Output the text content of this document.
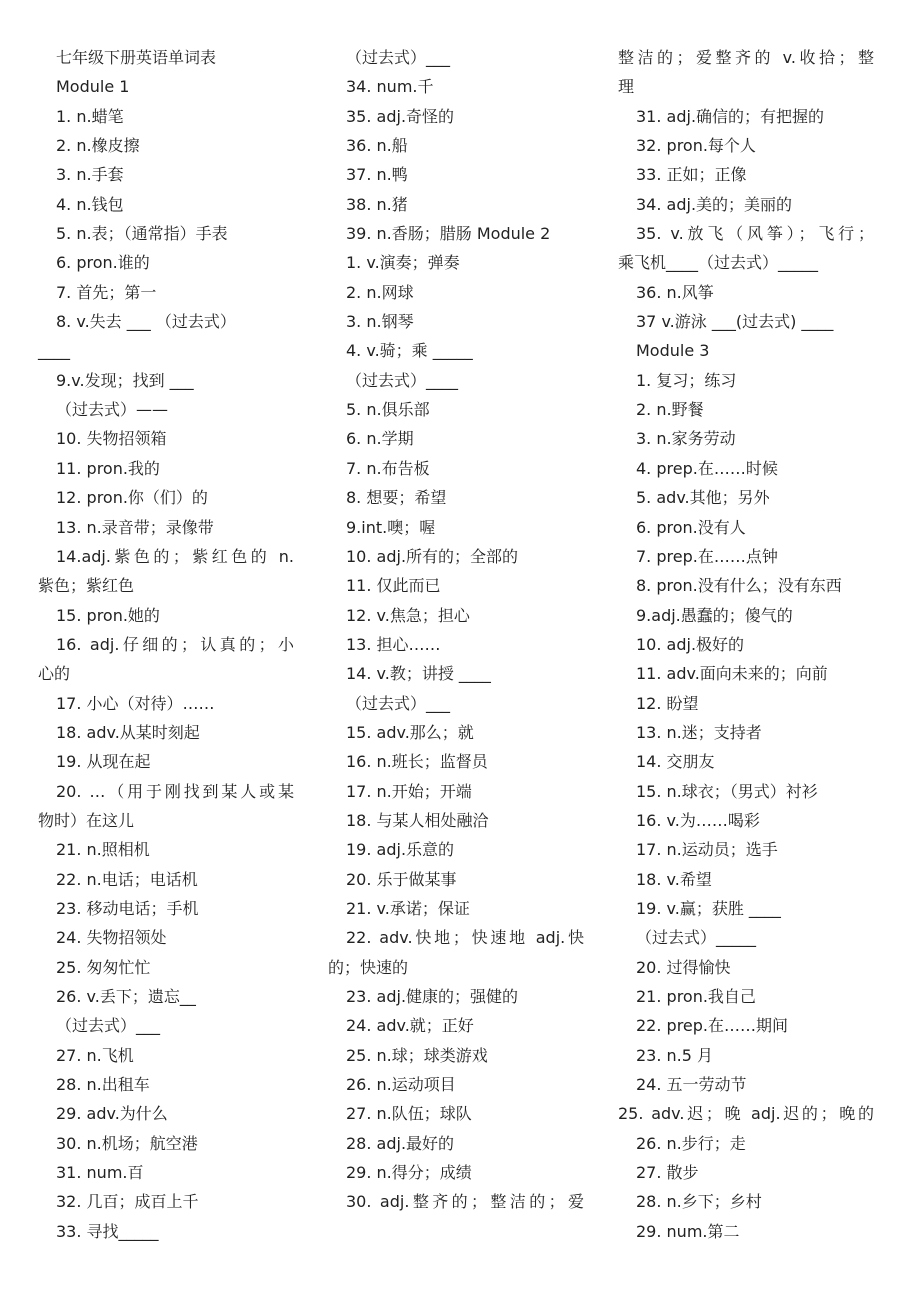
七年级下册英语单词表
Module 1
1. n.蜡笔
2. n.橡皮擦
3. n.手套
4. n.钱包
5. n.表；（通常指）手表
6. pron.谁的
7. 首先；第一
8. v.失去 ___ （过去式）
____
9.v.发现；找到 ___
（过去式）——
10. 失物招领箱
11. pron.我的
12. pron.你（们）的
13. n.录音带；录像带
14.adj.紫色的；紫红色的 n.
紫色；紫红色
15. pron.她的
16. adj.仔细的；认真的；小
心的
17. 小心（对待）……
18. adv.从某时刻起
19. 从现在起
20. …（用于刚找到某人或某
物时）在这儿
21. n.照相机
22. n.电话；电话机
23. 移动电话；手机
24. 失物招领处
25. 匆匆忙忙
26. v.丢下；遗忘__
（过去式）___
27. n.飞机
28. n.出租车
29. adv.为什么
30. n.机场；航空港
31. num.百
32. 几百；成百上千
33. 寻找_____
（过去式）___
34. num.千
35. adj.奇怪的
36. n.船
37. n.鸭
38. n.猪
39. n.香肠；腊肠 Module 2
1. v.演奏；弹奏
2. n.网球
3. n.钢琴
4. v.骑；乘 _____
（过去式）____
5. n.俱乐部
6. n.学期
7. n.布告板
8. 想要；希望
9.int.噢；喔
10. adj.所有的；全部的
11. 仅此而已
12. v.焦急；担心
13. 担心……
14. v.教；讲授 ____
（过去式）___
15. adv.那么；就
16. n.班长；监督员
17. n.开始；开端
18. 与某人相处融洽
19. adj.乐意的
20. 乐于做某事
21. v.承诺；保证
22. adv.快地；快速地 adj.快
的；快速的
23. adj.健康的；强健的
24. adv.就；正好
25. n.球；球类游戏
26. n.运动项目
27. n.队伍；球队
28. adj.最好的
29. n.得分；成绩
30. adj.整齐的；整洁的；爱
整洁的；爱整齐的 v.收拾；整
理
31. adj.确信的；有把握的
32. pron.每个人
33. 正如；正像
34. adj.美的；美丽的
35. v.放飞（风筝）；飞行；
乘飞机____（过去式）_____
36. n.风筝
37 v.游泳 ___(过去式) ____
Module 3
1. 复习；练习
2. n.野餐
3. n.家务劳动
4. prep.在……时候
5. adv.其他；另外
6. pron.没有人
7. prep.在……点钟
8. pron.没有什么；没有东西
9.adj.愚蠢的；傻气的
10. adj.极好的
11. adv.面向未来的；向前
12. 盼望
13. n.迷；支持者
14. 交朋友
15. n.球衣；（男式）衬衫
16. v.为……喝彩
17. n.运动员；选手
18. v.希望
19. v.赢；获胜 ____
（过去式）_____
20. 过得愉快
21. pron.我自己
22. prep.在……期间
23. n.5 月
24. 五一劳动节
25. adv.迟；晚 adj.迟的；晚的
26. n.步行；走
27. 散步
28. n.乡下；乡村
29. num.第二
